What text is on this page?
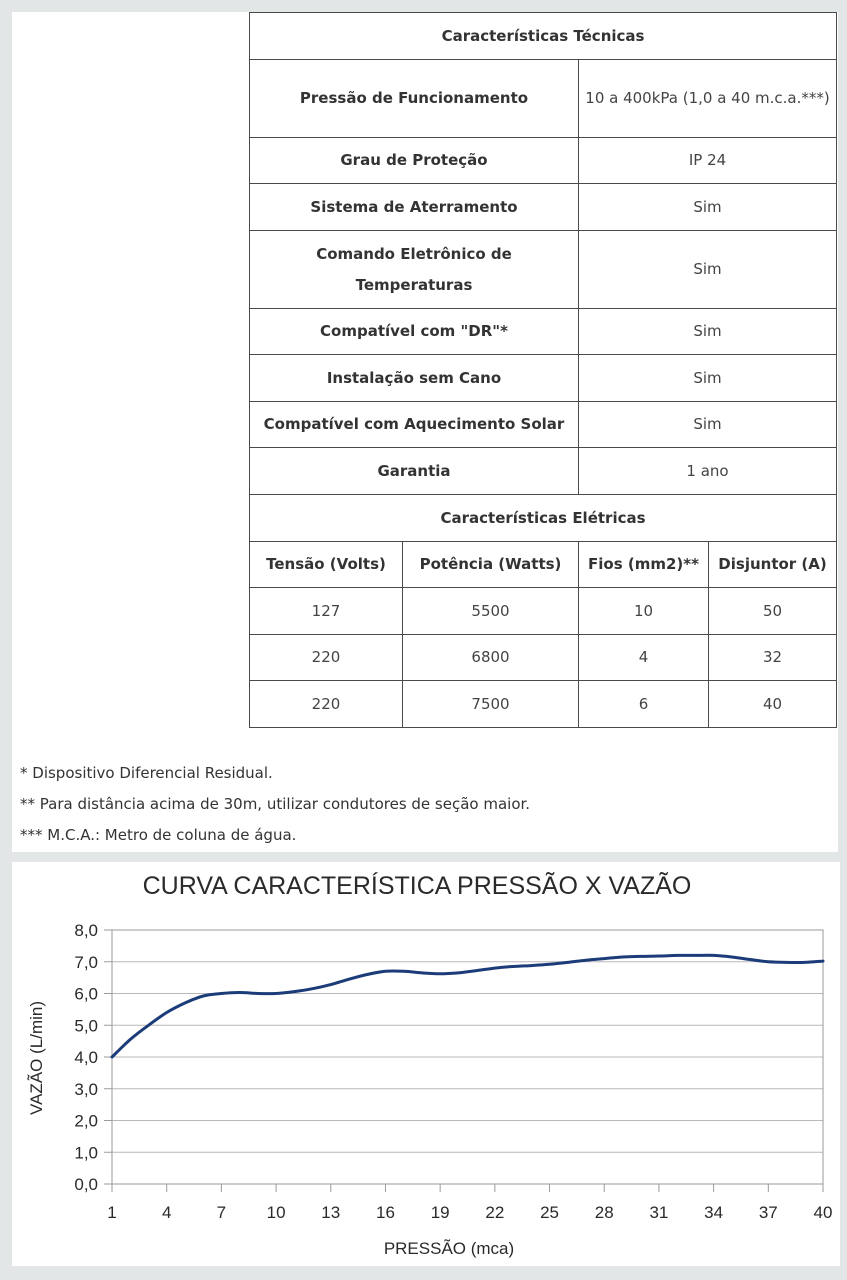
Características Técnicas			
Pressão de Funcionamento		10 a 400kPa (1,0 a 40 m.c.a.***)	
Grau de Proteção		IP 24	
Sistema de Aterramento		Sim	
Comando Eletrônico de Temperaturas		Sim	
Compatível com "DR"*		Sim	
Instalação sem Cano		Sim	
Compatível com Aquecimento Solar		Sim	
Garantia		1 ano	
Características Elétricas			
Tensão (Volts)	Potência (Watts)	Fios (mm2)**	Disjuntor (A)
127	5500	10	50
220	6800	4	32
220	7500	6	40
* Dispositivo Diferencial Residual.
** Para distância acima de 30m, utilizar condutores de seção maior.
*** M.C.A.: Metro de coluna de água.
CURVA CARACTERÍSTICA PRESSÃO X VAZÃO
0,0
1,0
2,0
3,0
4,0
5,0
6,0
7,0
8,0
1	4	7 10 13 16 19 22 25 28 31 34 37 40
PRESSÃO (mca)
VAZÃO (L/min)
